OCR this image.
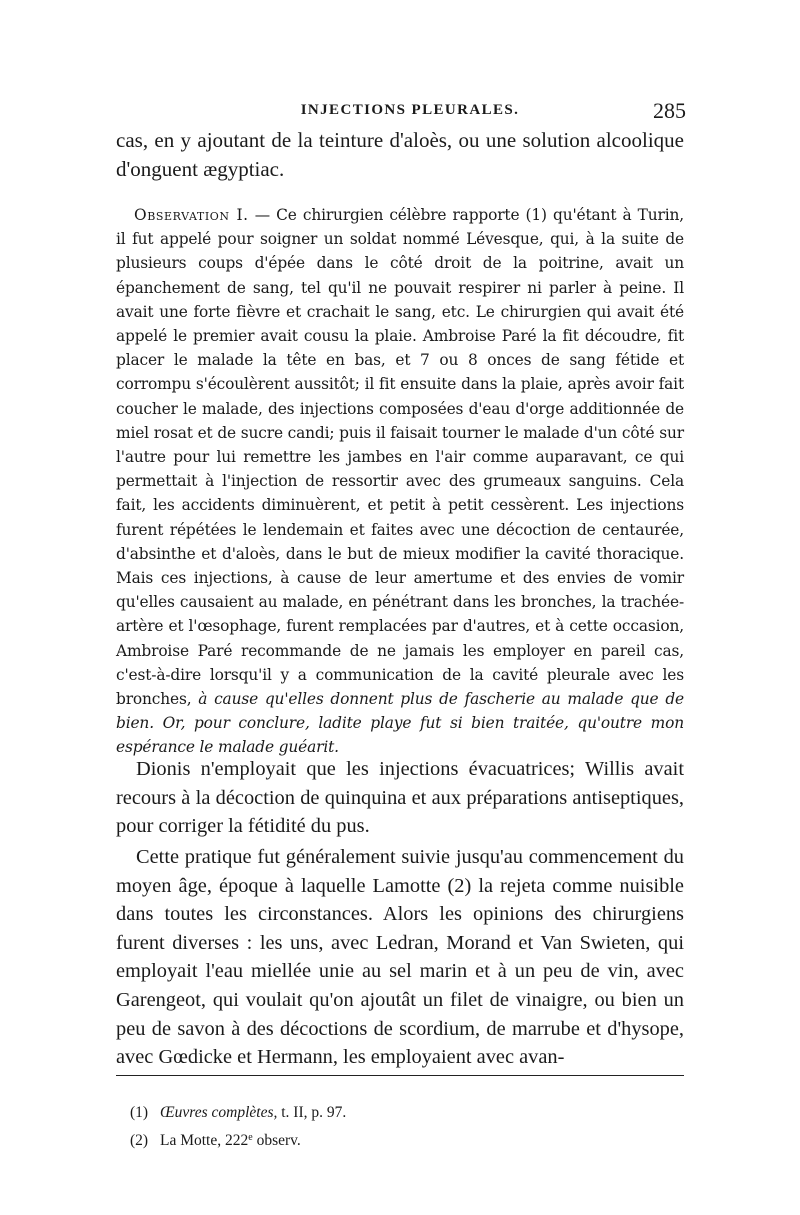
INJECTIONS PLEURALES.	285

cas, en y ajoutant de la teinture d'aloès, ou une solution alcoolique d'onguent ægyptiac.

Observation I. — Ce chirurgien célèbre rapporte (1) qu'étant à Turin, il fut appelé pour soigner un soldat nommé Lévesque, qui, à la suite de plusieurs coups d'épée dans le côté droit de la poitrine, avait un épanchement de sang, tel qu'il ne pouvait respirer ni parler à peine. Il avait une forte fièvre et crachait le sang, etc. Le chirurgien qui avait été appelé le premier avait cousu la plaie. Ambroise Paré la fit découdre, fit placer le malade la tête en bas, et 7 ou 8 onces de sang fétide et corrompu s'écoulèrent aussitôt; il fit ensuite dans la plaie, après avoir fait coucher le malade, des injections composées d'eau d'orge additionnée de miel rosat et de sucre candi; puis il faisait tourner le malade d'un côté sur l'autre pour lui remettre les jambes en l'air comme auparavant, ce qui permettait à l'injection de ressortir avec des grumeaux sanguins. Cela fait, les accidents diminuèrent, et petit à petit cessèrent. Les injections furent répétées le lendemain et faites avec une décoction de centaurée, d'absinthe et d'aloès, dans le but de mieux modifier la cavité thoracique. Mais ces injections, à cause de leur amertume et des envies de vomir qu'elles causaient au malade, en pénétrant dans les bronches, la trachée-artère et l'œsophage, furent remplacées par d'autres, et à cette occasion, Ambroise Paré recommande de ne jamais les employer en pareil cas, c'est-à-dire lorsqu'il y a communication de la cavité pleurale avec les bronches, à cause qu'elles donnent plus de fascherie au malade que de bien. Or, pour conclure, ladite playe fut si bien traitée, qu'outre mon espérance le malade guéarit.

Dionis n'employait que les injections évacuatrices; Willis avait recours à la décoction de quinquina et aux préparations antiseptiques, pour corriger la fétidité du pus.

Cette pratique fut généralement suivie jusqu'au commencement du moyen âge, époque à laquelle Lamotte (2) la rejeta comme nuisible dans toutes les circonstances. Alors les opinions des chirurgiens furent diverses : les uns, avec Ledran, Morand et Van Swieten, qui employait l'eau miellée unie au sel marin et à un peu de vin, avec Garengeot, qui voulait qu'on ajoutât un filet de vinaigre, ou bien un peu de savon à des décoctions de scordium, de marrube et d'hysope, avec Gœdicke et Hermann, les employaient avec avan-

(1) Œuvres complètes, t. II, p. 97.
(2) La Motte, 222e observ.
